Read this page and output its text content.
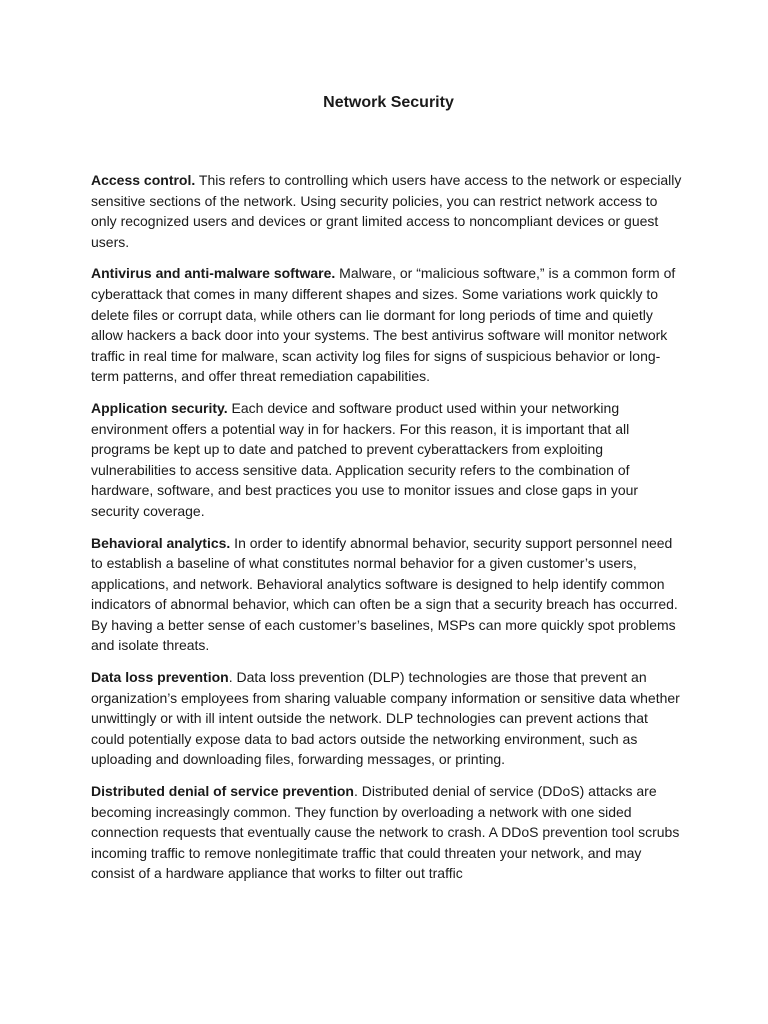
Network Security

Access control. This refers to controlling which users have access to the network or especially sensitive sections of the network. Using security policies, you can restrict network access to only recognized users and devices or grant limited access to noncompliant devices or guest users.

Antivirus and anti-malware software. Malware, or “malicious software,” is a common form of cyberattack that comes in many different shapes and sizes. Some variations work quickly to delete files or corrupt data, while others can lie dormant for long periods of time and quietly allow hackers a back door into your systems. The best antivirus software will monitor network traffic in real time for malware, scan activity log files for signs of suspicious behavior or long-term patterns, and offer threat remediation capabilities.

Application security. Each device and software product used within your networking environment offers a potential way in for hackers. For this reason, it is important that all programs be kept up to date and patched to prevent cyberattackers from exploiting vulnerabilities to access sensitive data. Application security refers to the combination of hardware, software, and best practices you use to monitor issues and close gaps in your security coverage.

Behavioral analytics. In order to identify abnormal behavior, security support personnel need to establish a baseline of what constitutes normal behavior for a given customer’s users, applications, and network. Behavioral analytics software is designed to help identify common indicators of abnormal behavior, which can often be a sign that a security breach has occurred. By having a better sense of each customer’s baselines, MSPs can more quickly spot problems and isolate threats.

Data loss prevention. Data loss prevention (DLP) technologies are those that prevent an organization’s employees from sharing valuable company information or sensitive data whether unwittingly or with ill intent outside the network. DLP technologies can prevent actions that could potentially expose data to bad actors outside the networking environment, such as uploading and downloading files, forwarding messages, or printing.

Distributed denial of service prevention. Distributed denial of service (DDoS) attacks are becoming increasingly common. They function by overloading a network with one sided connection requests that eventually cause the network to crash. A DDoS prevention tool scrubs incoming traffic to remove nonlegitimate traffic that could threaten your network, and may consist of a hardware appliance that works to filter out traffic
